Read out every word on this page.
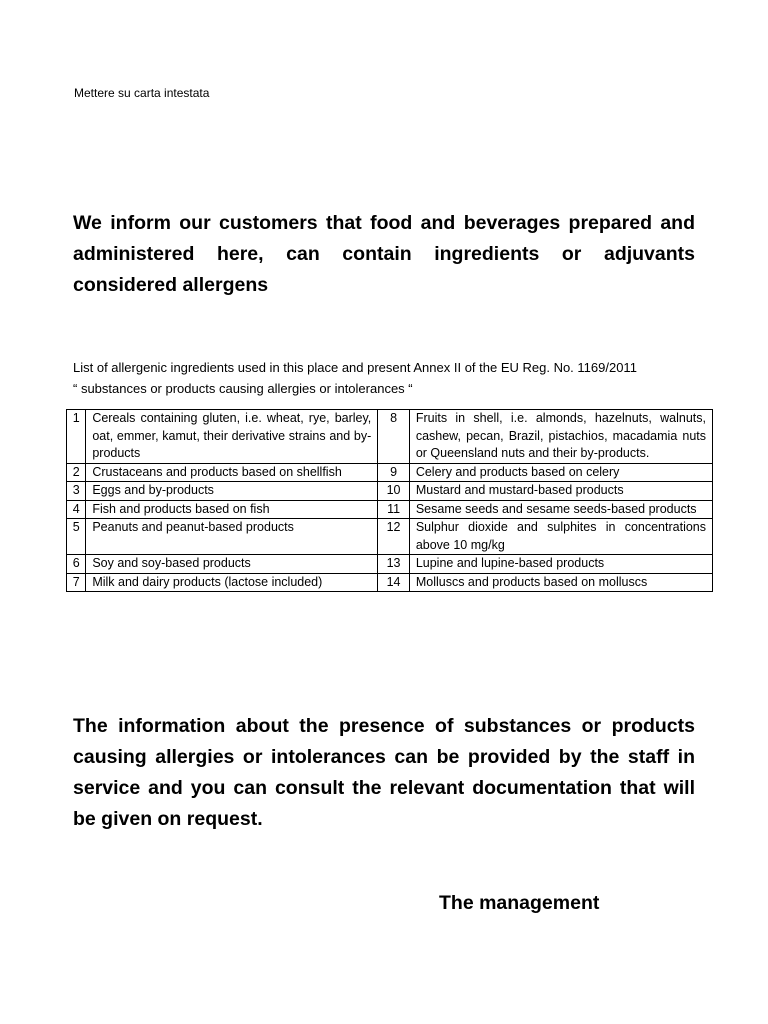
Mettere su carta intestata
We inform our customers that food and beverages prepared and administered here, can contain ingredients or adjuvants considered allergens
List of allergenic ingredients used in this place and present Annex II of the EU Reg. No. 1169/2011
“ substances or products causing allergies or intolerances “
1	Cereals containing gluten, i.e. wheat, rye, barley, oat, emmer, kamut, their derivative strains and by-products	8	Fruits in shell, i.e. almonds, hazelnuts, walnuts, cashew, pecan, Brazil, pistachios, macadamia nuts or Queensland nuts and their by-products.
2	Crustaceans and products based on shellfish	9	Celery and products based on celery
3	Eggs and by-products	10	Mustard and mustard-based products
4	Fish and products based on fish	11	Sesame seeds and sesame seeds-based products
5	Peanuts and peanut-based products	12	Sulphur dioxide and sulphites in concentrations above 10 mg/kg
6	Soy and soy-based products	13	Lupine and lupine-based products
7	Milk and dairy products (lactose included)	14	Molluscs and products based on molluscs
The information about the presence of substances or products causing allergies or intolerances can be provided by the staff in service and you can consult the relevant documentation that will be given on request.
The management
